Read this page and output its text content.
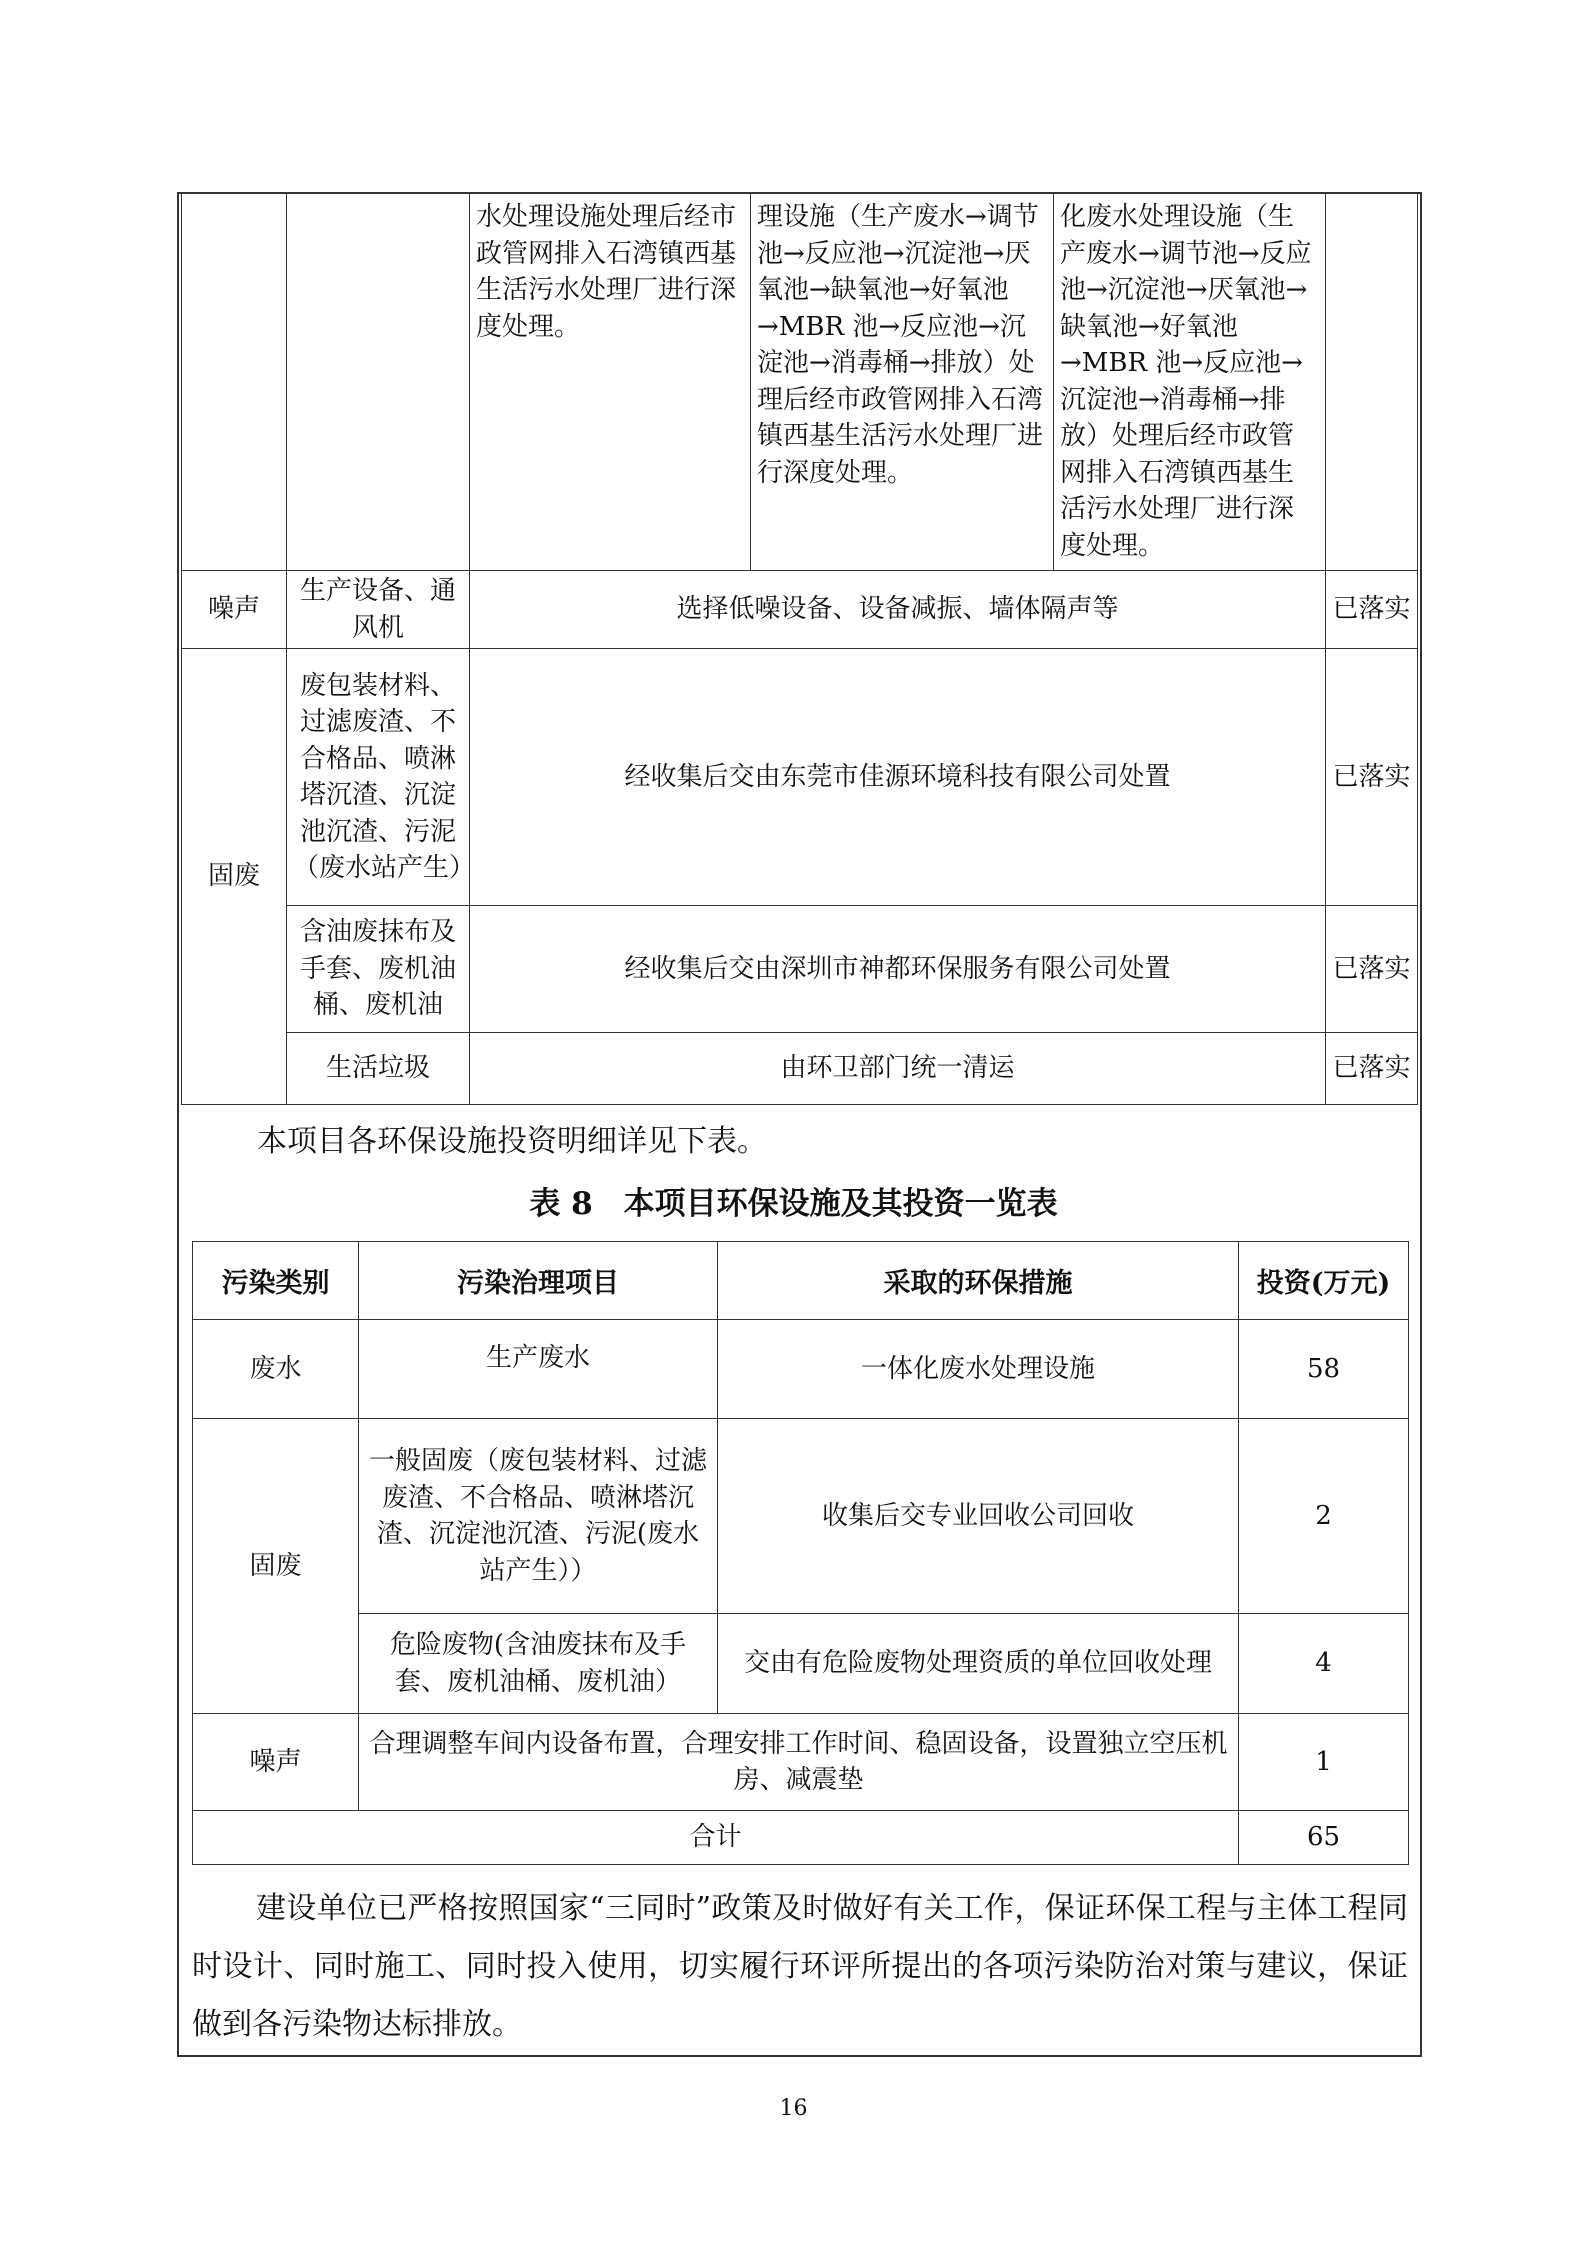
		水处理设施处理后经市政管网排入石湾镇西基生活污水处理厂进行深度处理。	理设施（生产废水→调节池→反应池→沉淀池→厌氧池→缺氧池→好氧池→MBR 池→反应池→沉淀池→消毒桶→排放）处理后经市政管网排入石湾镇西基生活污水处理厂进行深度处理。	化废水处理设施（生产废水→调节池→反应池→沉淀池→厌氧池→缺氧池→好氧池→MBR 池→反应池→沉淀池→消毒桶→排放）处理后经市政管网排入石湾镇西基生活污水处理厂进行深度处理。	
噪声	生产设备、通风机	选择低噪设备、设备减振、墙体隔声等			已落实
固废	废包装材料、过滤废渣、不合格品、喷淋塔沉渣、沉淀池沉渣、污泥（废水站产生）	经收集后交由东莞市佳源环境科技有限公司处置			已落实
	含油废抹布及手套、废机油桶、废机油	经收集后交由深圳市神都环保服务有限公司处置			已落实
	生活垃圾	由环卫部门统一清运			已落实
本项目各环保设施投资明细详见下表。
表 8　本项目环保设施及其投资一览表
污染类别	污染治理项目	采取的环保措施	投资(万元)
废水	生产废水	一体化废水处理设施	58
固废	一般固废（废包装材料、过滤废渣、不合格品、喷淋塔沉渣、沉淀池沉渣、污泥(废水站产生））	收集后交专业回收公司回收	2
	危险废物(含油废抹布及手套、废机油桶、废机油）	交由有危险废物处理资质的单位回收处理	4
噪声	合理调整车间内设备布置，合理安排工作时间、稳固设备，设置独立空压机房、减震垫		1
合计			65
建设单位已严格按照国家“三同时”政策及时做好有关工作，保证环保工程与主体工程同时设计、同时施工、同时投入使用，切实履行环评所提出的各项污染防治对策与建议，保证做到各污染物达标排放。
16
